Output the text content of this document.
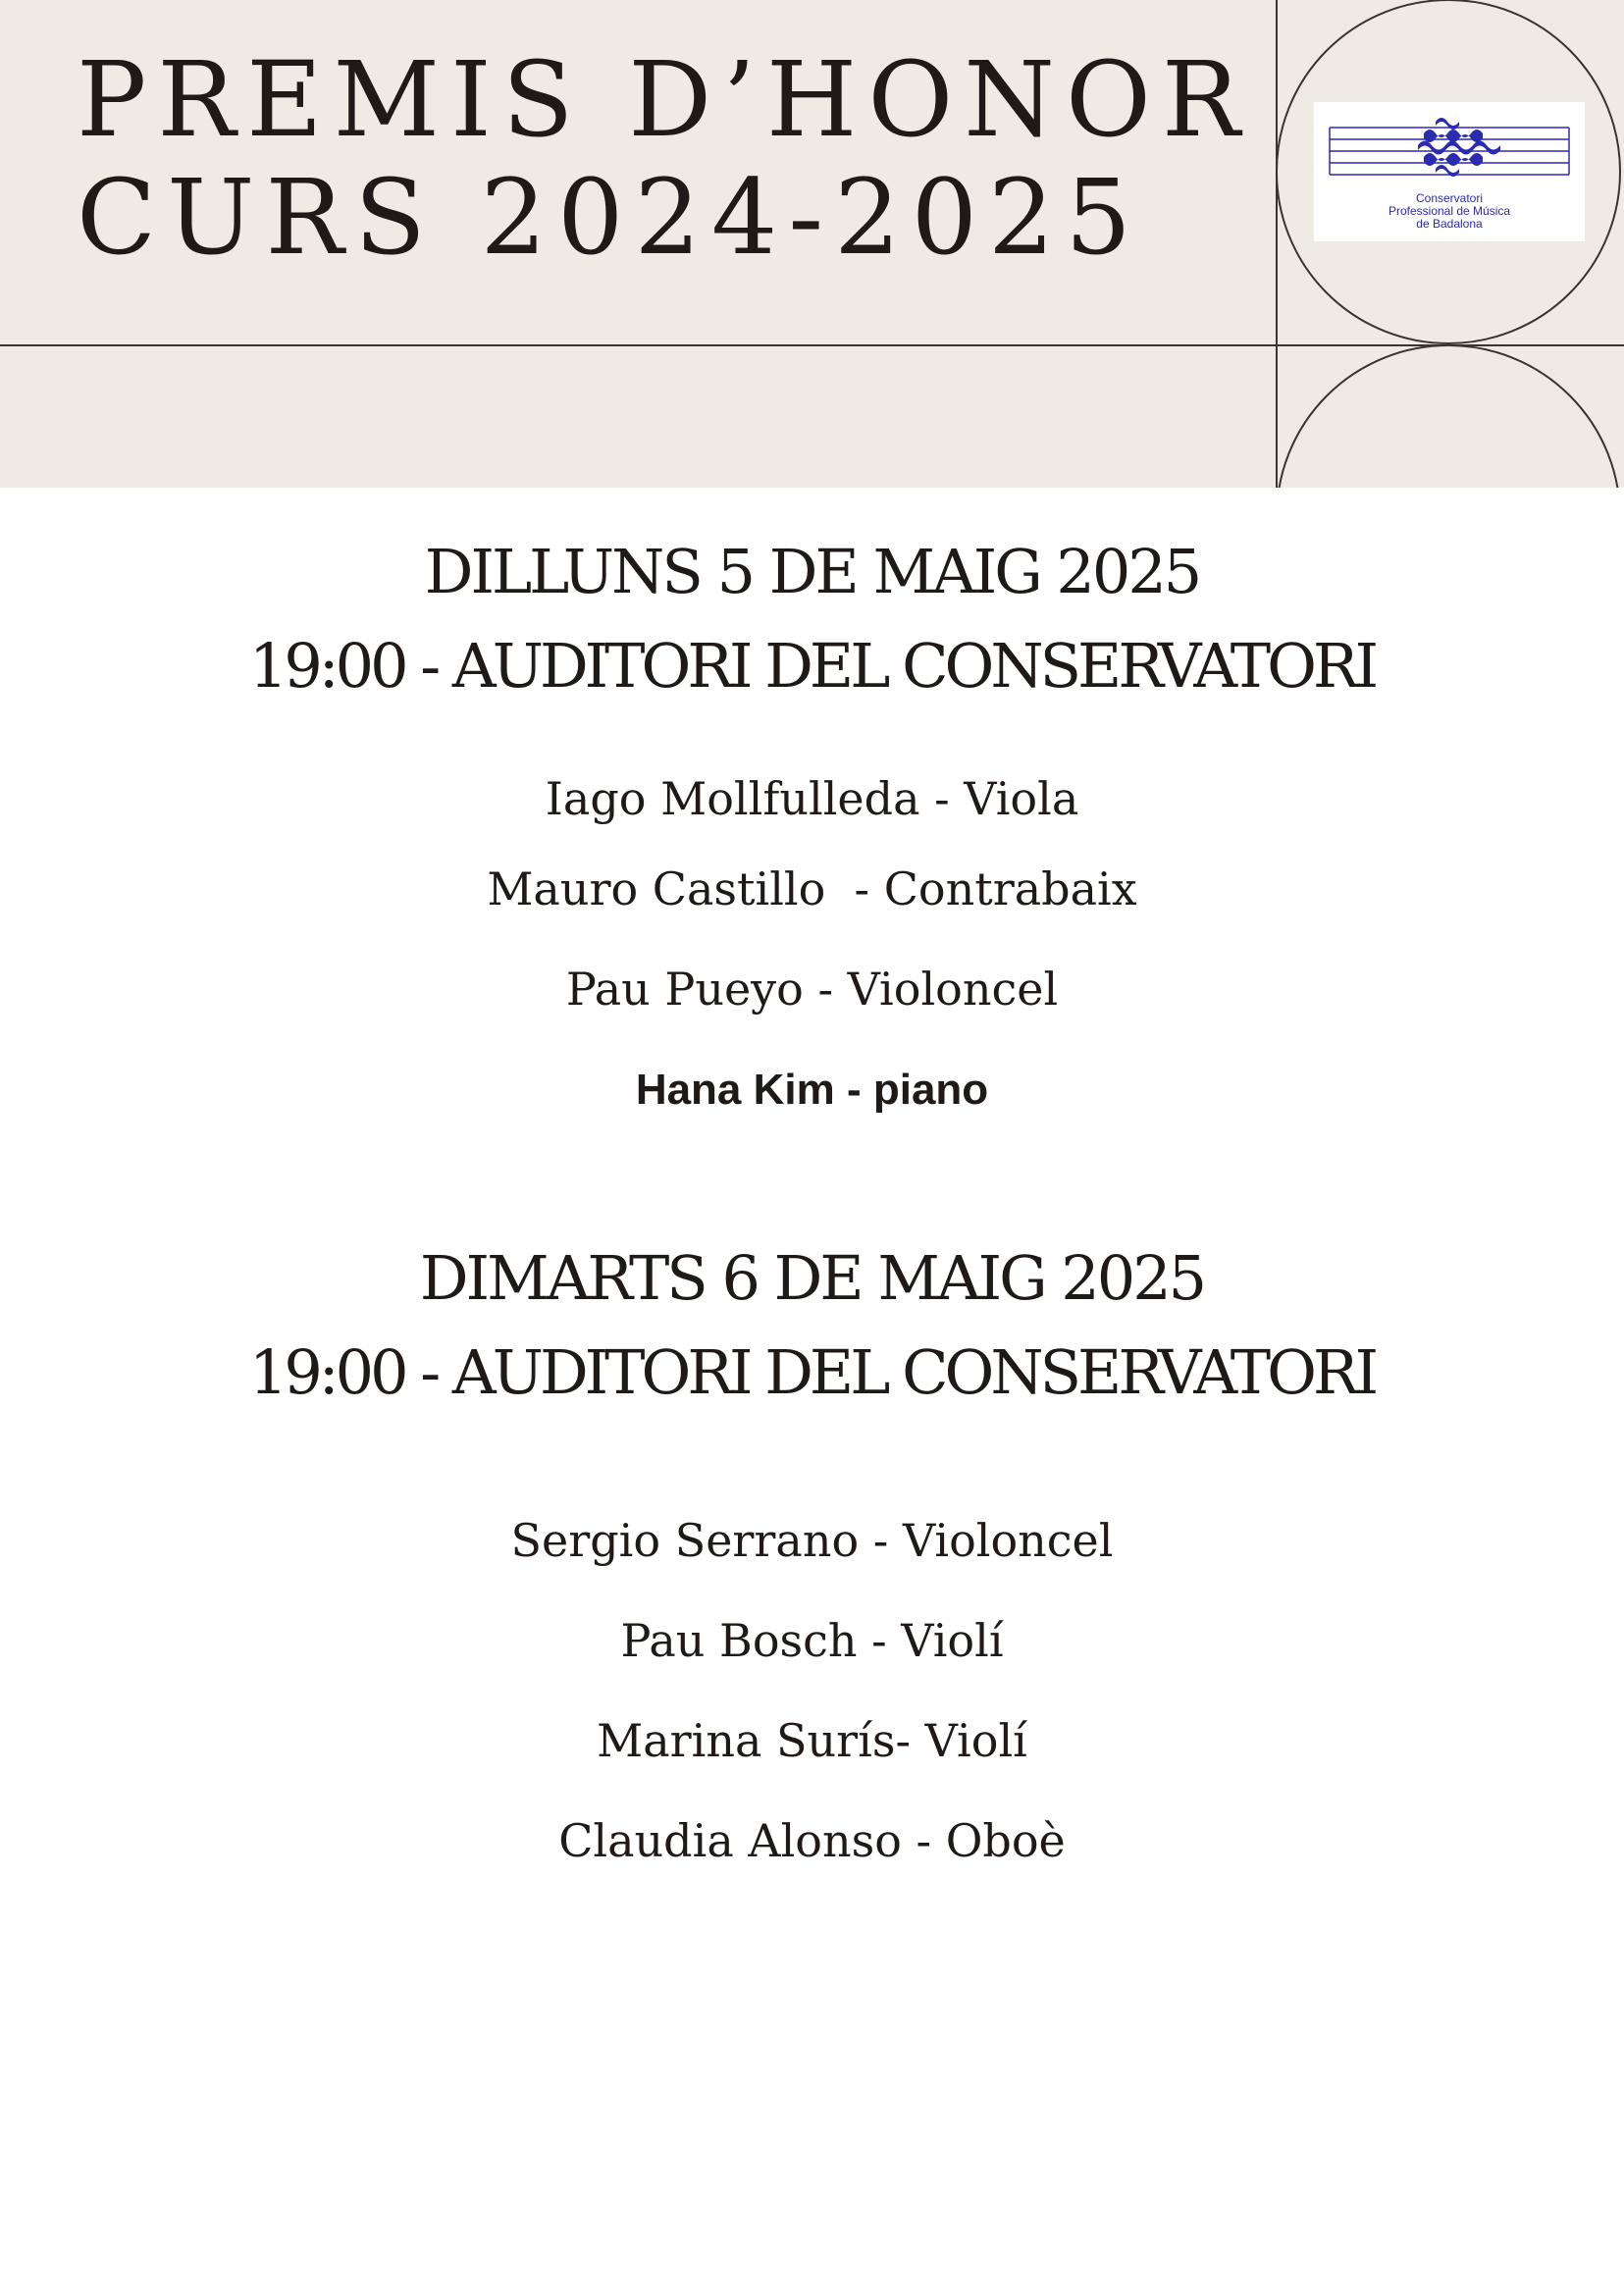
PREMIS D’HONOR
CURS 2024-2025	Conservatori
Professional de Música
de Badalona
DILLUNS 5 DE MAIG 2025
19:00 - AUDITORI DEL CONSERVATORI
Iago Mollfulleda - Viola
Mauro Castillo  - Contrabaix
Pau Pueyo - Violoncel
Hana Kim - piano
DIMARTS 6 DE MAIG 2025
19:00 - AUDITORI DEL CONSERVATORI
Sergio Serrano - Violoncel
Pau Bosch - Violí
Marina Surís- Violí
Claudia Alonso - Oboè
